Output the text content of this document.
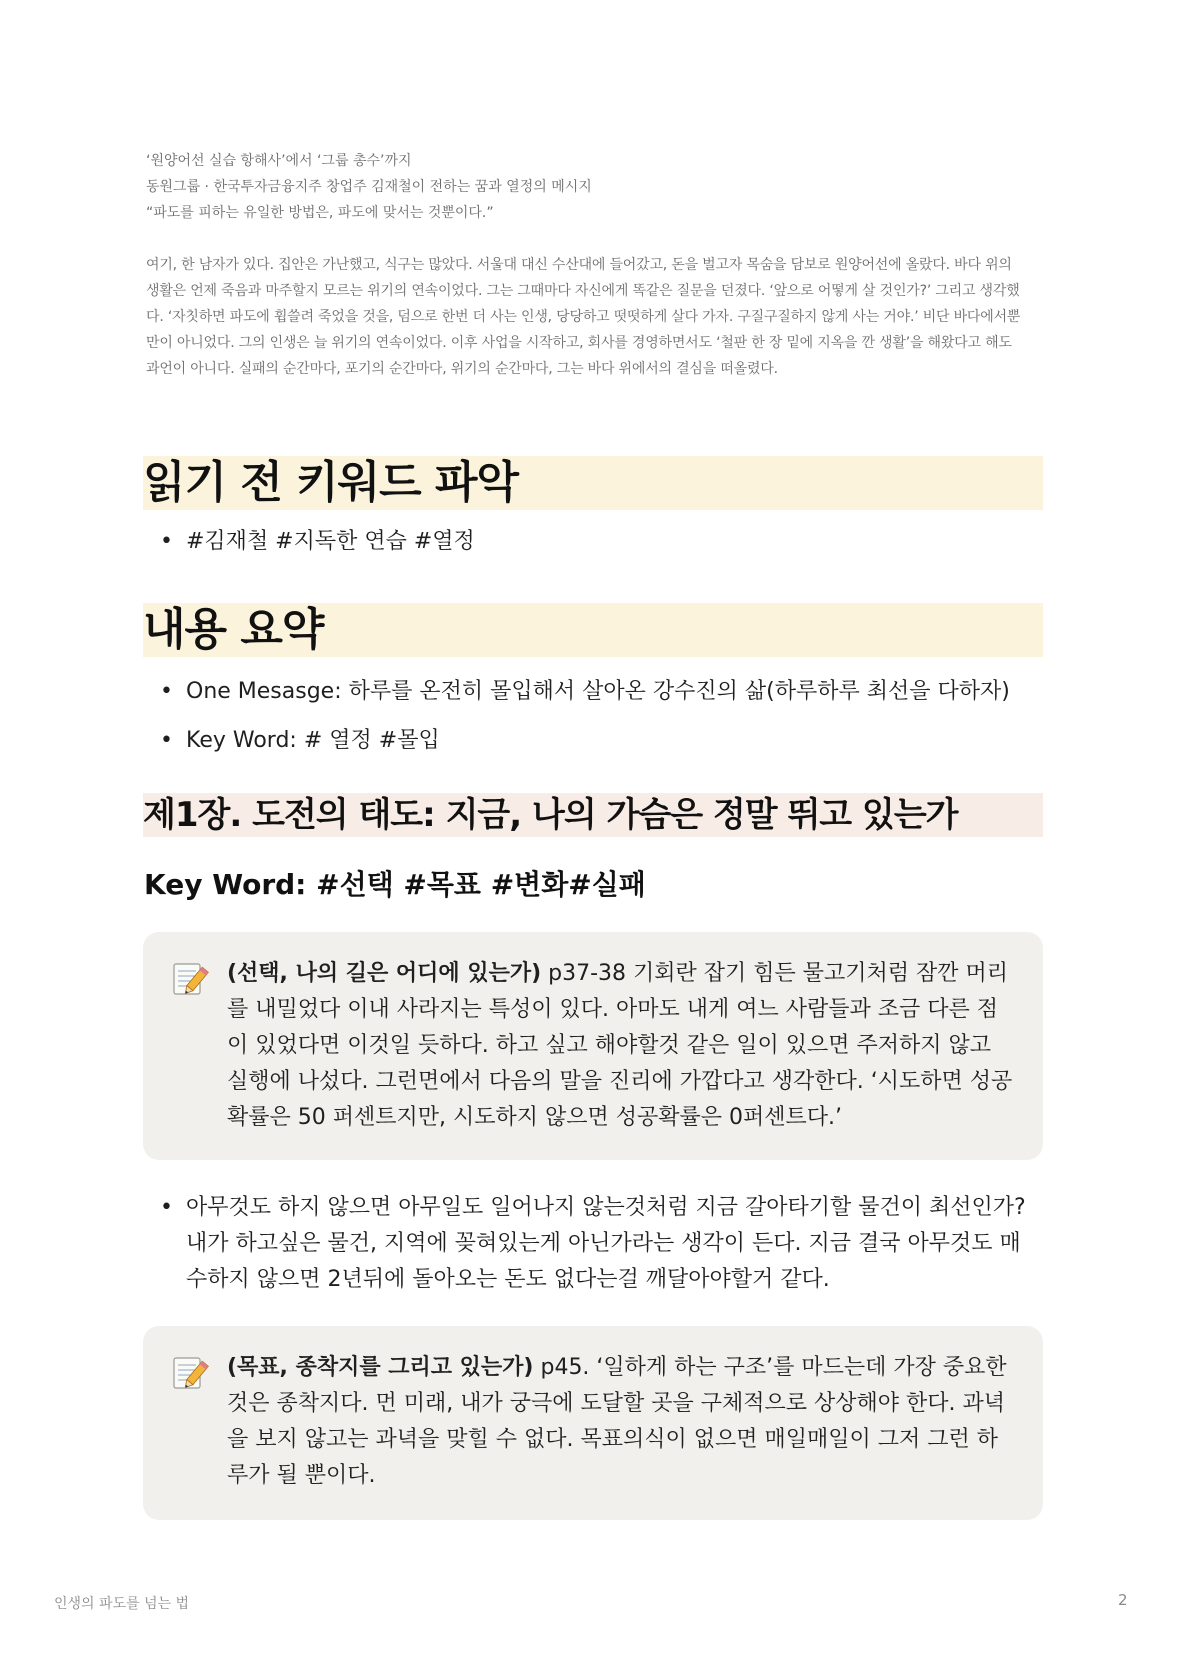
‘원양어선 실습 항해사’에서 ‘그룹 총수’까지

동원그룹 · 한국투자금융지주 창업주 김재철이 전하는 꿈과 열정의 메시지

“파도를 피하는 유일한 방법은, 파도에 맞서는 것뿐이다.”

여기, 한 남자가 있다. 집안은 가난했고, 식구는 많았다. 서울대 대신 수산대에 들어갔고, 돈을 벌고자 목숨을 담보로 원양어선에 올랐다. 바다 위의 생활은 언제 죽음과 마주할지 모르는 위기의 연속이었다. 그는 그때마다 자신에게 똑같은 질문을 던졌다. ‘앞으로 어떻게 살 것인가?’ 그리고 생각했다. ‘자칫하면 파도에 휩쓸려 죽었을 것을, 덤으로 한번 더 사는 인생, 당당하고 떳떳하게 살다 가자. 구질구질하지 않게 사는 거야.’ 비단 바다에서뿐만이 아니었다. 그의 인생은 늘 위기의 연속이었다. 이후 사업을 시작하고, 회사를 경영하면서도 ‘철판 한 장 밑에 지옥을 깐 생활’을 해왔다고 해도 과언이 아니다. 실패의 순간마다, 포기의 순간마다, 위기의 순간마다, 그는 바다 위에서의 결심을 떠올렸다.

읽기 전 키워드 파악
• #김재철 #지독한 연습 #열정
내용 요약
• One Mesasge: 하루를 온전히 몰입해서 살아온 강수진의 삶(하루하루 최선을 다하자)
• Key Word: # 열정 #몰입
제1장. 도전의 태도: 지금, 나의 가슴은 정말 뛰고 있는가
Key Word: #선택 #목표 #변화#실패
(선택, 나의 길은 어디에 있는가) p37-38 기회란 잡기 힘든 물고기처럼 잠깐 머리를 내밀었다 이내 사라지는 특성이 있다. 아마도 내게 여느 사람들과 조금 다른 점이 있었다면 이것일 듯하다. 하고 싶고 해야할것 같은 일이 있으면 주저하지 않고 실행에 나섰다. 그런면에서 다음의 말을 진리에 가깝다고 생각한다. ‘시도하면 성공 확률은 50 퍼센트지만, 시도하지 않으면 성공확률은 0퍼센트다.’
• 아무것도 하지 않으면 아무일도 일어나지 않는것처럼 지금 갈아타기할 물건이 최선인가? 내가 하고싶은 물건, 지역에 꽂혀있는게 아닌가라는 생각이 든다. 지금 결국 아무것도 매수하지 않으면 2년뒤에 돌아오는 돈도 없다는걸 깨달아야할거 같다.
(목표, 종착지를 그리고 있는가) p45. ‘일하게 하는 구조’를 마드는데 가장 중요한 것은 종착지다. 먼 미래, 내가 궁극에 도달할 곳을 구체적으로 상상해야 한다. 과녁을 보지 않고는 과녁을 맞힐 수 없다. 목표의식이 없으면 매일매일이 그저 그런 하루가 될 뿐이다.
인생의 파도를 넘는 법	2
